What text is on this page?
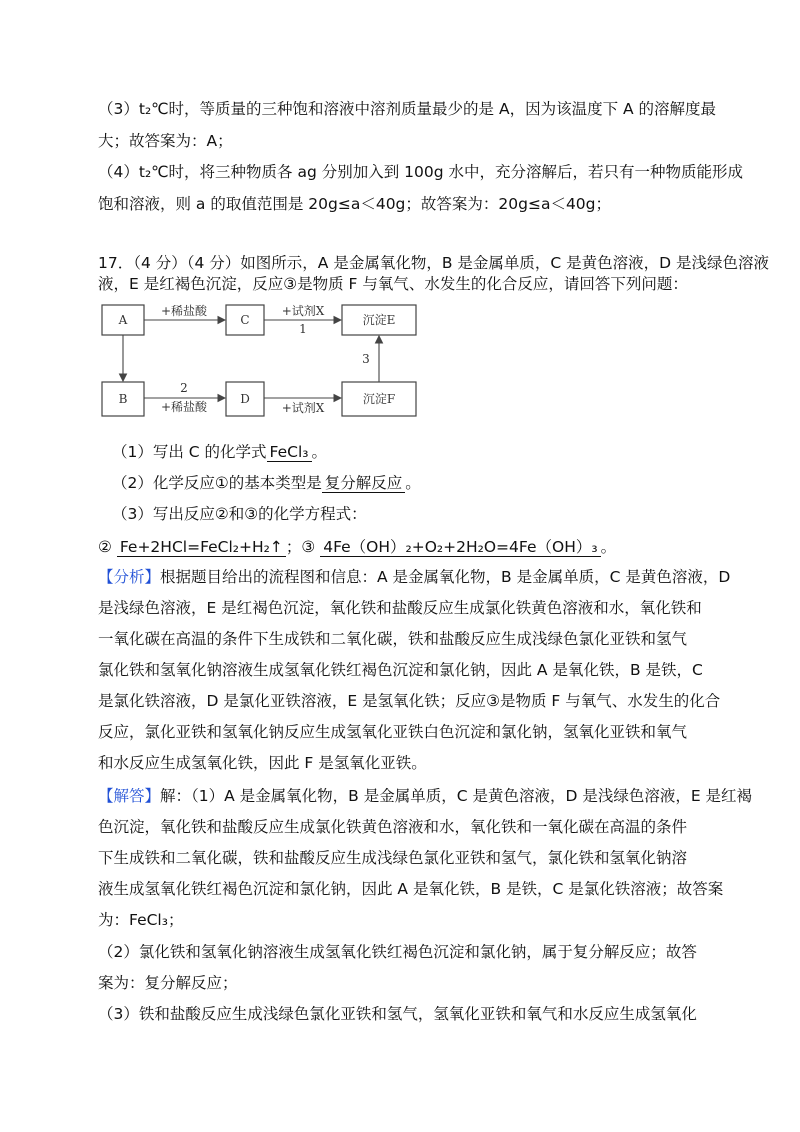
（3）t₂℃时，等质量的三种饱和溶液中溶剂质量最少的是 A，因为该温度下 A 的溶解度最
大；故答案为：A；
（4）t₂℃时，将三种物质各 ag 分别加入到 100g 水中，充分溶解后，若只有一种物质能形成
饱和溶液，则 a 的取值范围是 20g≤a＜40g；故答案为：20g≤a＜40g；
17．（4 分）（4 分）如图所示，A 是金属氧化物，B 是金属单质，C 是黄色溶液，D 是浅绿色溶液
液，E 是红褐色沉淀，反应③是物质 F 与氧气、水发生的化合反应，请回答下列问题：
A	C	沉淀E
B	D	沉淀F
+稀盐酸	+试剂X
1
2
+稀盐酸	+试剂X
3
（1）写出 C 的化学式 FeCl₃ 。
（2）化学反应①的基本类型是 复分解反应 。
（3）写出反应②和③的化学方程式：
② Fe+2HCl=FeCl₂+H₂↑ ；③ 4Fe（OH）₂+O₂+2H₂O=4Fe（OH）₃ 。
【分析】根据题目给出的流程图和信息：A 是金属氧化物，B 是金属单质，C 是黄色溶液，D
是浅绿色溶液，E 是红褐色沉淀，氧化铁和盐酸反应生成氯化铁黄色溶液和水，氧化铁和
一氧化碳在高温的条件下生成铁和二氧化碳，铁和盐酸反应生成浅绿色氯化亚铁和氢气
氯化铁和氢氧化钠溶液生成氢氧化铁红褐色沉淀和氯化钠，因此 A 是氧化铁，B 是铁，C
是氯化铁溶液，D 是氯化亚铁溶液，E 是氢氧化铁；反应③是物质 F 与氧气、水发生的化合
反应，氯化亚铁和氢氧化钠反应生成氢氧化亚铁白色沉淀和氯化钠，氢氧化亚铁和氧气
和水反应生成氢氧化铁，因此 F 是氢氧化亚铁。
【解答】解：（1）A 是金属氧化物，B 是金属单质，C 是黄色溶液，D 是浅绿色溶液，E 是红褐
色沉淀，氧化铁和盐酸反应生成氯化铁黄色溶液和水，氧化铁和一氧化碳在高温的条件
下生成铁和二氧化碳，铁和盐酸反应生成浅绿色氯化亚铁和氢气，氯化铁和氢氧化钠溶
液生成氢氧化铁红褐色沉淀和氯化钠，因此 A 是氧化铁，B 是铁，C 是氯化铁溶液；故答案
为：FeCl₃；
（2）氯化铁和氢氧化钠溶液生成氢氧化铁红褐色沉淀和氯化钠，属于复分解反应；故答
案为：复分解反应；
（3）铁和盐酸反应生成浅绿色氯化亚铁和氢气，氢氧化亚铁和氧气和水反应生成氢氧化
